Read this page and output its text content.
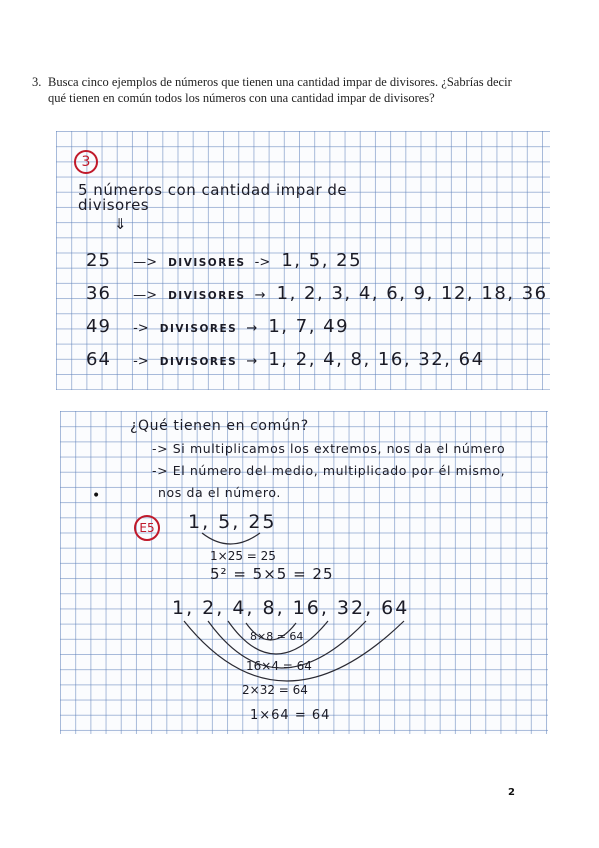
3. Busca cinco ejemplos de números que tienen una cantidad impar de divisores. ¿Sabrías decir
qué tienen en común todos los números con una cantidad impar de divisores?
3
5 números con cantidad impar de
divisores
⇓
25 —> DIVISORES -> 1, 5, 25
36 —> DIVISORES → 1, 2, 3, 4, 6, 9, 12, 18, 36
49 -> DIVISORES → 1, 7, 49
64 -> DIVISORES → 1, 2, 4, 8, 16, 32, 64
¿Qué tienen en común?
-> Si multiplicamos los extremos, nos da el número
-> El número del medio, multiplicado por él mismo,
nos da el número.
•
E5 1, 5, 25
1×25 = 25
5² = 5×5 = 25
1, 2, 4, 8, 16, 32, 64
8×8 = 64
16×4 = 64
2×32 = 64
1×64 = 64
2
